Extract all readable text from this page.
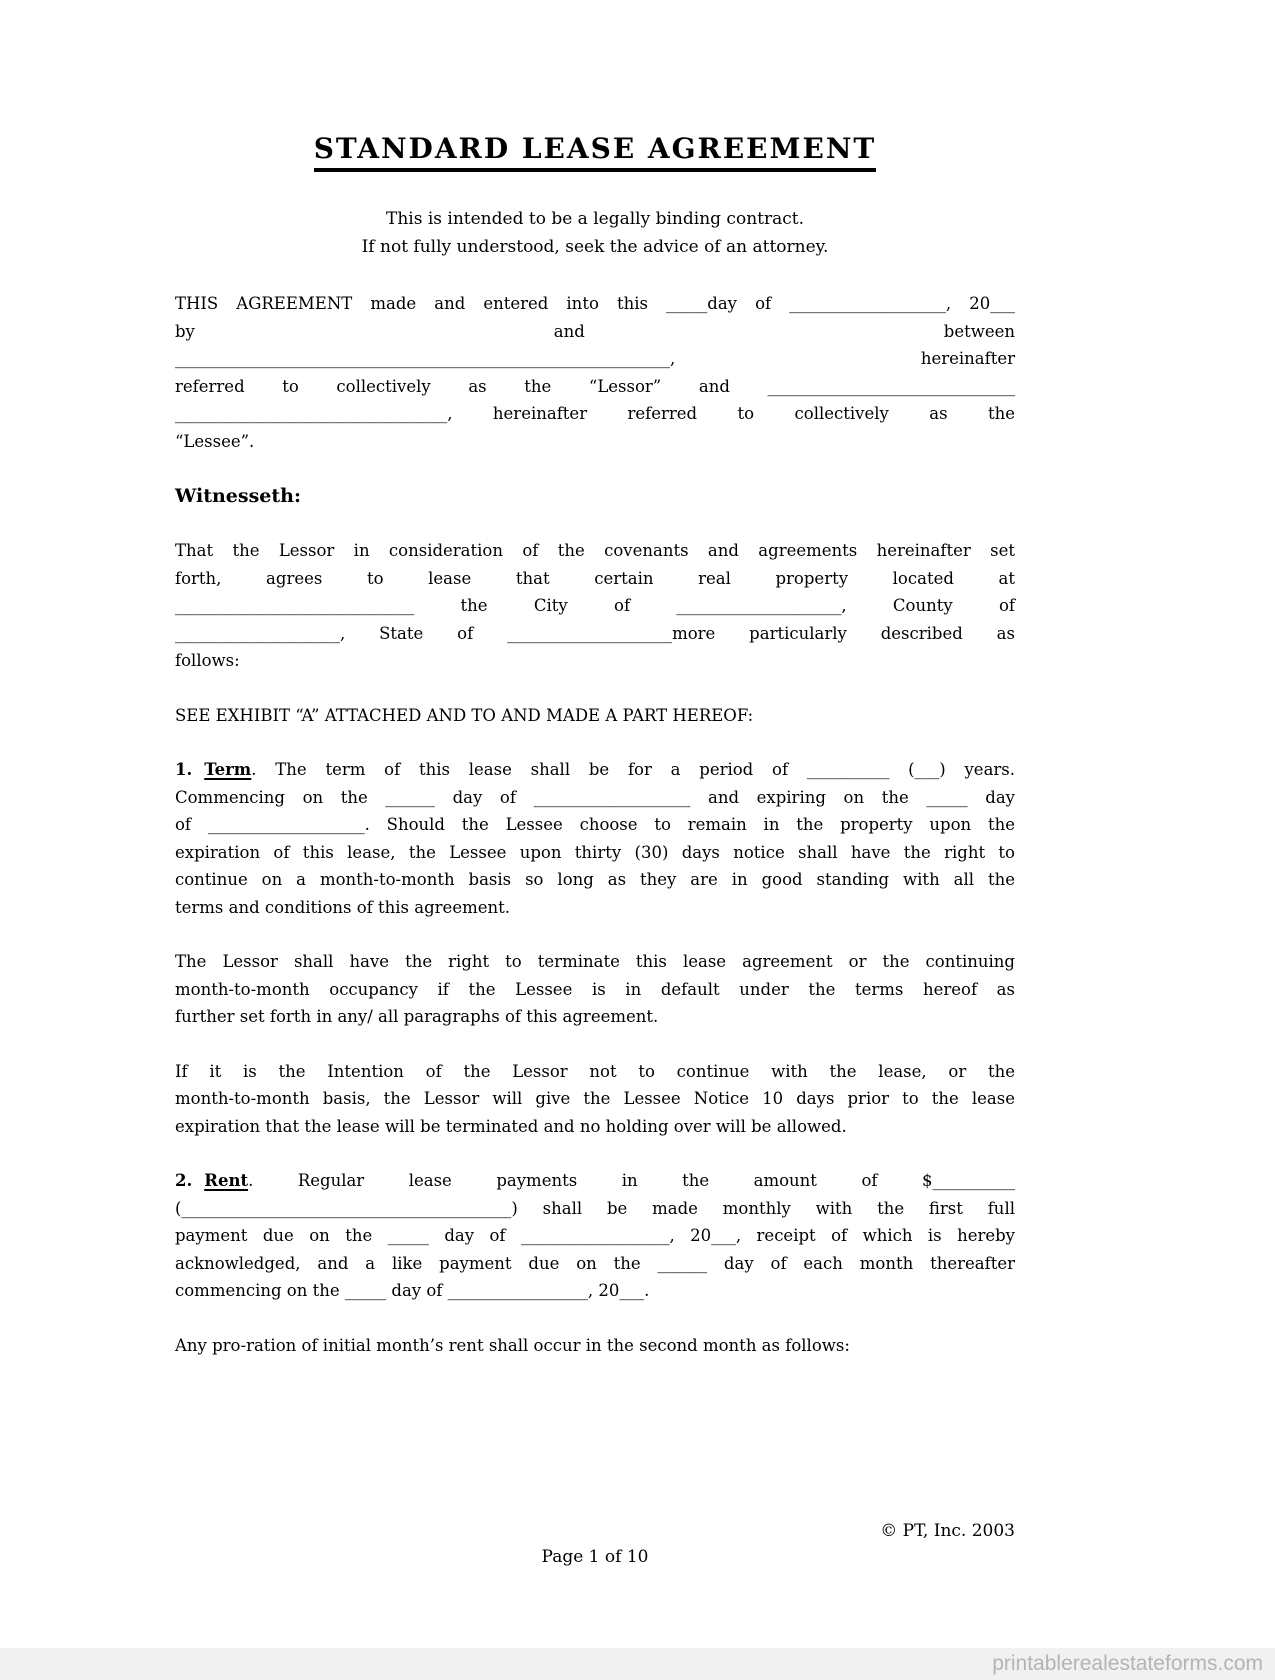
STANDARD LEASE AGREEMENT
This is intended to be a legally binding contract.
If not fully understood, seek the advice of an attorney.
THIS AGREEMENT made and entered into this _____day of ___________________, 20___
by and between
____________________________________________________________, hereinafter
referred to collectively as the “Lessor” and ______________________________
_________________________________, hereinafter referred to collectively as the
“Lessee”.
Witnesseth:
That the Lessor in consideration of the covenants and agreements hereinafter set
forth, agrees to lease that certain real property located at
_____________________________ the City of ____________________, County of
____________________, State of ____________________more particularly described as
follows:
SEE EXHIBIT “A” ATTACHED AND TO AND MADE A PART HEREOF:
1. Term. The term of this lease shall be for a period of __________ (___) years.
Commencing on the ______ day of ___________________ and expiring on the _____ day
of ___________________. Should the Lessee choose to remain in the property upon the
expiration of this lease, the Lessee upon thirty (30) days notice shall have the right to
continue on a month-to-month basis so long as they are in good standing with all the
terms and conditions of this agreement.
The Lessor shall have the right to terminate this lease agreement or the continuing
month-to-month occupancy if the Lessee is in default under the terms hereof as
further set forth in any/ all paragraphs of this agreement.
If it is the Intention of the Lessor not to continue with the lease, or the
month-to-month basis, the Lessor will give the Lessee Notice 10 days prior to the lease
expiration that the lease will be terminated and no holding over will be allowed.
2. Rent. Regular lease payments in the amount of $__________
(________________________________________) shall be made monthly with the first full
payment due on the _____ day of __________________, 20___, receipt of which is hereby
acknowledged, and a like payment due on the ______ day of each month thereafter
commencing on the _____ day of _________________, 20___.
Any pro-ration of initial month’s rent shall occur in the second month as follows:
© PT, Inc. 2003
Page 1 of 10
printablerealestateforms.com
